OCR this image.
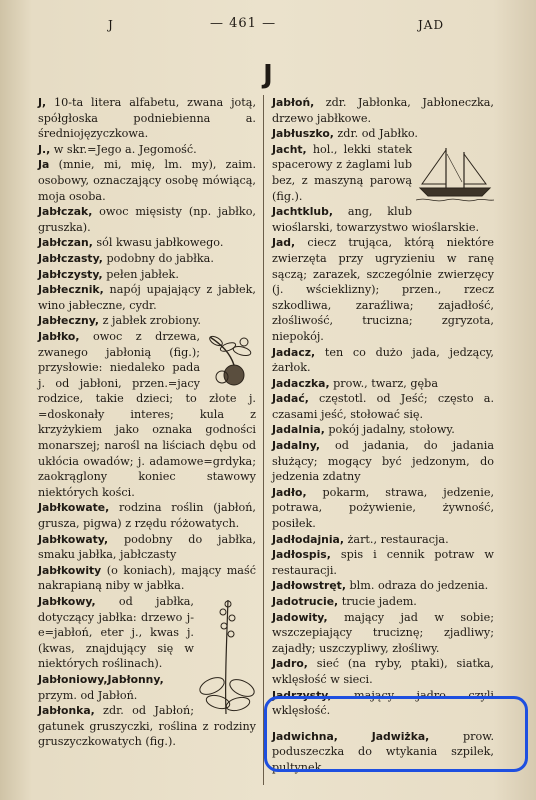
J	— 461 —	JAD
J

J, 10-ta litera alfabetu, zwana jotą, spółgłoska podniebienna a. średniojęzyczkowa.

J., w skr.=Jego a. Jegomość.

Ja (mnie, mi, mię, lm. my), zaim. osobowy, oznaczający osobę mówiącą, moja osoba.

Jabłczak, owoc mięsisty (np. jabłko, gruszka).

Jabłczan, sól kwasu jabłkowego.

Jabłczasty, podobny do jabłka.

Jabłczysty, pełen jabłek.

Jabłecznik, napój upajający z jabłek, wino jabłeczne, cydr.

Jabłeczny, z jabłek zrobiony.

Jabłko, owoc z drzewa, zwanego jabłonią (fig.); przysłowie: niedaleko pada j. od jabłoni, przen.=jacy rodzice, takie dzieci; to złote j. =doskonały interes; kula z krzyżykiem jako oznaka godności monarszej; narośl na liściach dębu od ukłócia owadów; j. adamowe=grdyka; zaokrąglony koniec stawowy niektórych kości.

Jabłkowate, rodzina roślin (jabłoń, grusza, pigwa) z rzędu różowatych.

Jabłkowaty, podobny do jabłka, smaku jabłka, jabłczasty

Jabłkowity (o koniach), mający maść nakrapianą niby w jabłka.

Jabłkowy, od jabłka, dotyczący jabłka: drzewo j-e=jabłoń, eter j., kwas j. (kwas, znajdujący się w niektórych roślinach).

Jabłoniowy,Jabłonny, przym. od Jabłoń.

Jabłonka, zdr. od Jabłoń; gatunek gruszyczki, roślina z rodziny gruszyczkowatych (fig.).

Jabłoń, zdr. Jabłonka, Jabłoneczka, drzewo jabłkowe.

Jabłuszko, zdr. od Jabłko.

Jacht, hol., lekki statek spacerowy z żaglami lub bez, z maszyną parową (fig.).

Jachtklub, ang, klub wioślarski, towarzystwo wioślarskie.

Jad, ciecz trująca, którą niektóre zwierzęta przy ugryzieniu w ranę sączą; zarazek, szczególnie zwierzęcy (j. wścieklizny); przen., rzecz szkodliwa, zaraźliwa; zajadłość, złośliwość, trucizna; zgryzota, niepokój.

Jadacz, ten co dużo jada, jedzący, żarłok.

Jadaczka, prow., twarz, gęba

Jadać, częstotl. od Jeść; często a. czasami jeść, stołować się.

Jadalnia, pokój jadalny, stołowy.

Jadalny, od jadania, do jadania służący; mogący być jedzonym, do jedzenia zdatny

Jadło, pokarm, strawa, jedzenie, potrawa, pożywienie, żywność, posiłek.

Jadłodajnia, żart., restauracja.

Jadłospis, spis i cennik potraw w restauracji.

Jadłowstręt, blm. odraza do jedzenia.

Jadotrucie, trucie jadem.

Jadowity, mający jad w sobie; wszczepiający truciznę; zjadliwy; zajadły; uszczypliwy, złośliwy.

Jadro, sieć (na ryby, ptaki), siatka, wklęsłość w sieci.

Jadrzysty, mający jadro czyli wklęsłość.

Jadwichna, Jadwiżka, prow. poduszeczka do wtykania szpilek, pultynek.
